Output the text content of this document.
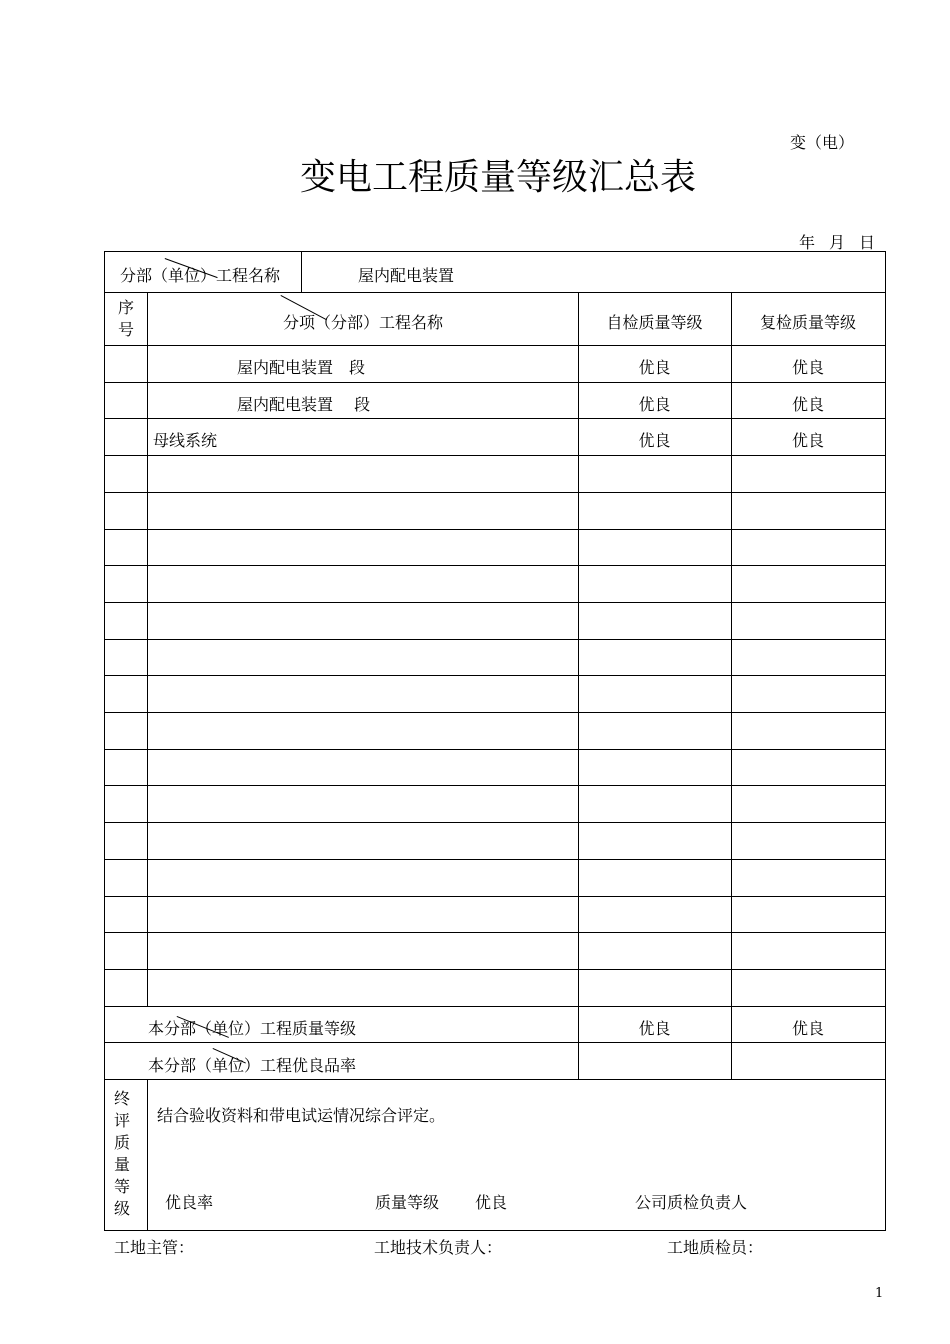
变（电）
变电工程质量等级汇总表
年 月 日
分部（单位）工程名称	屋内配电装置
序号	分项（分部）工程名称	自检质量等级	复检质量等级
屋内配电装置　段	优良	优良
屋内配电装置　 段	优良	优良
母线系统	优良	优良
本分部（单位）工程质量等级	优良	优良
本分部（单位）工程优良品率
终评质量等级
结合验收资料和带电试运情况综合评定。
优良率	质量等级 优良	公司质检负责人
工地主管：	工地技术负责人：	工地质检员：
1
